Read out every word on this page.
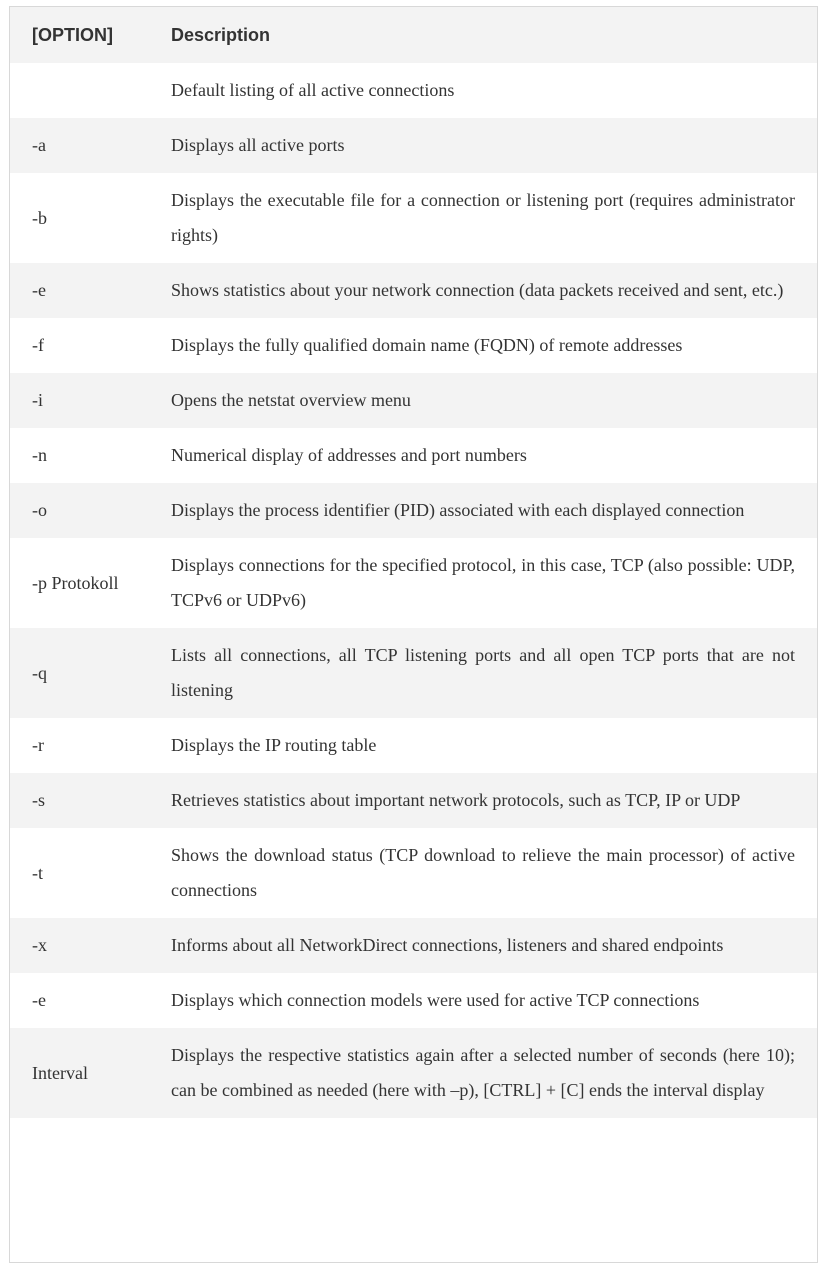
[OPTION]	Description
	Default listing of all active connections
-a	Displays all active ports
-b	Displays the executable file for a connection or listening port (requires administrator rights)
-e	Shows statistics about your network connection (data packets received and sent, etc.)
-f	Displays the fully qualified domain name (FQDN) of remote addresses
-i	Opens the netstat overview menu
-n	Numerical display of addresses and port numbers
-o	Displays the process identifier (PID) associated with each displayed connection
-p Protokoll	Displays connections for the specified protocol, in this case, TCP (also possible: UDP, TCPv6 or UDPv6)
-q	Lists all connections, all TCP listening ports and all open TCP ports that are not listening
-r	Displays the IP routing table
-s	Retrieves statistics about important network protocols, such as TCP, IP or UDP
-t	Shows the download status (TCP download to relieve the main processor) of active connections
-x	Informs about all NetworkDirect connections, listeners and shared endpoints
-e	Displays which connection models were used for active TCP connections
Interval	Displays the respective statistics again after a selected number of seconds (here 10); can be combined as needed (here with –p), [CTRL] + [C] ends the interval display
